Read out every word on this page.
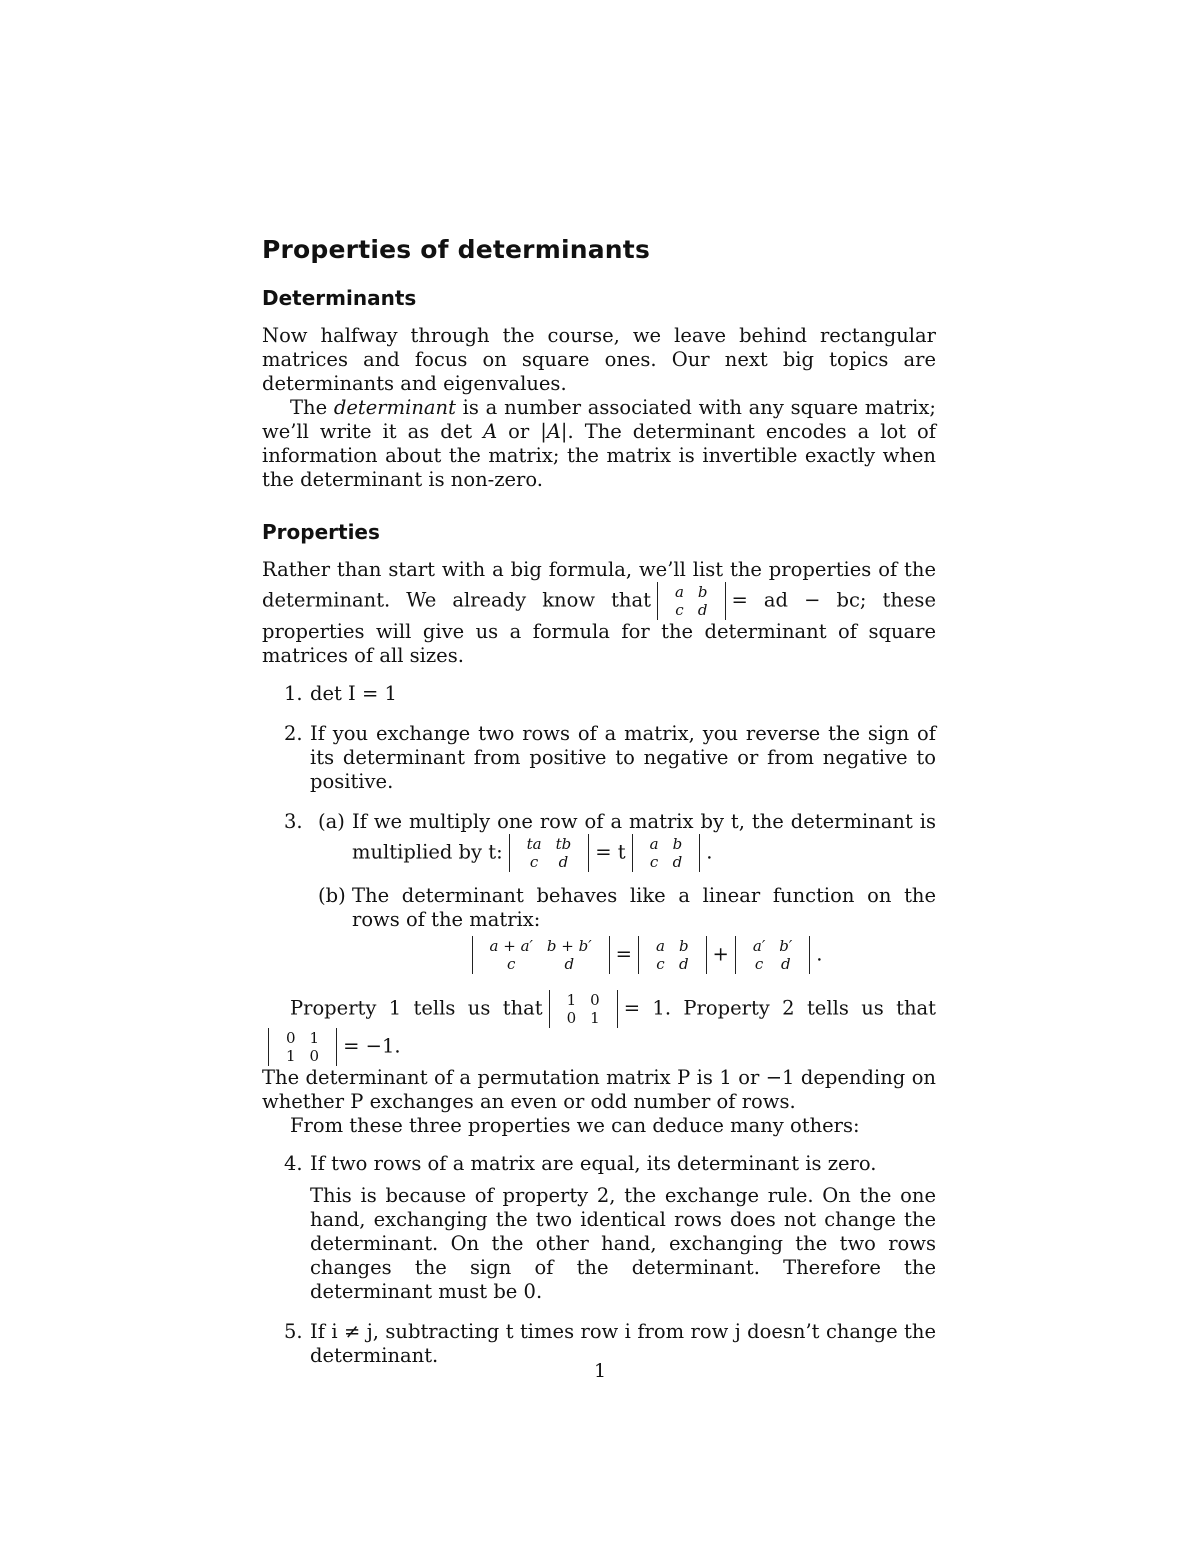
Properties of determinants
Determinants

Now halfway through the course, we leave behind rectangular matrices and focus on square ones. Our next big topics are determinants and eigenvalues.

The determinant is a number associated with any square matrix; we’ll write it as det A or |A|. The determinant encodes a lot of information about the matrix; the matrix is invertible exactly when the determinant is non-zero.

Properties

Rather than start with a big formula, we’ll list the properties of the determinant. We already know that a	b
c	d = ad − bc; these properties will give us a formula for the determinant of square matrices of all sizes.

1. det I = 1
2. If you exchange two rows of a matrix, you reverse the sign of its determinant from positive to negative or from negative to positive.
3. (a) If we multiply one row of a matrix by t, the determinant is multiplied by t: ta	tb
c	d = t a	b
c	d .
(b) The determinant behaves like a linear function on the rows of the matrix:
a + a′	b + b′
c	d = a	b
c	d + a′	b′
c	d .

Property 1 tells us that 1	0
0	1 = 1. Property 2 tells us that
0	1
1	0 = −1.

The determinant of a permutation matrix P is 1 or −1 depending on whether P exchanges an even or odd number of rows.

From these three properties we can deduce many others:

4. If two rows of a matrix are equal, its determinant is zero.

This is because of property 2, the exchange rule. On the one hand, exchanging the two identical rows does not change the determinant. On the other hand, exchanging the two rows changes the sign of the determinant. Therefore the determinant must be 0.

5. If i ≠ j, subtracting t times row i from row j doesn’t change the determinant.
1
